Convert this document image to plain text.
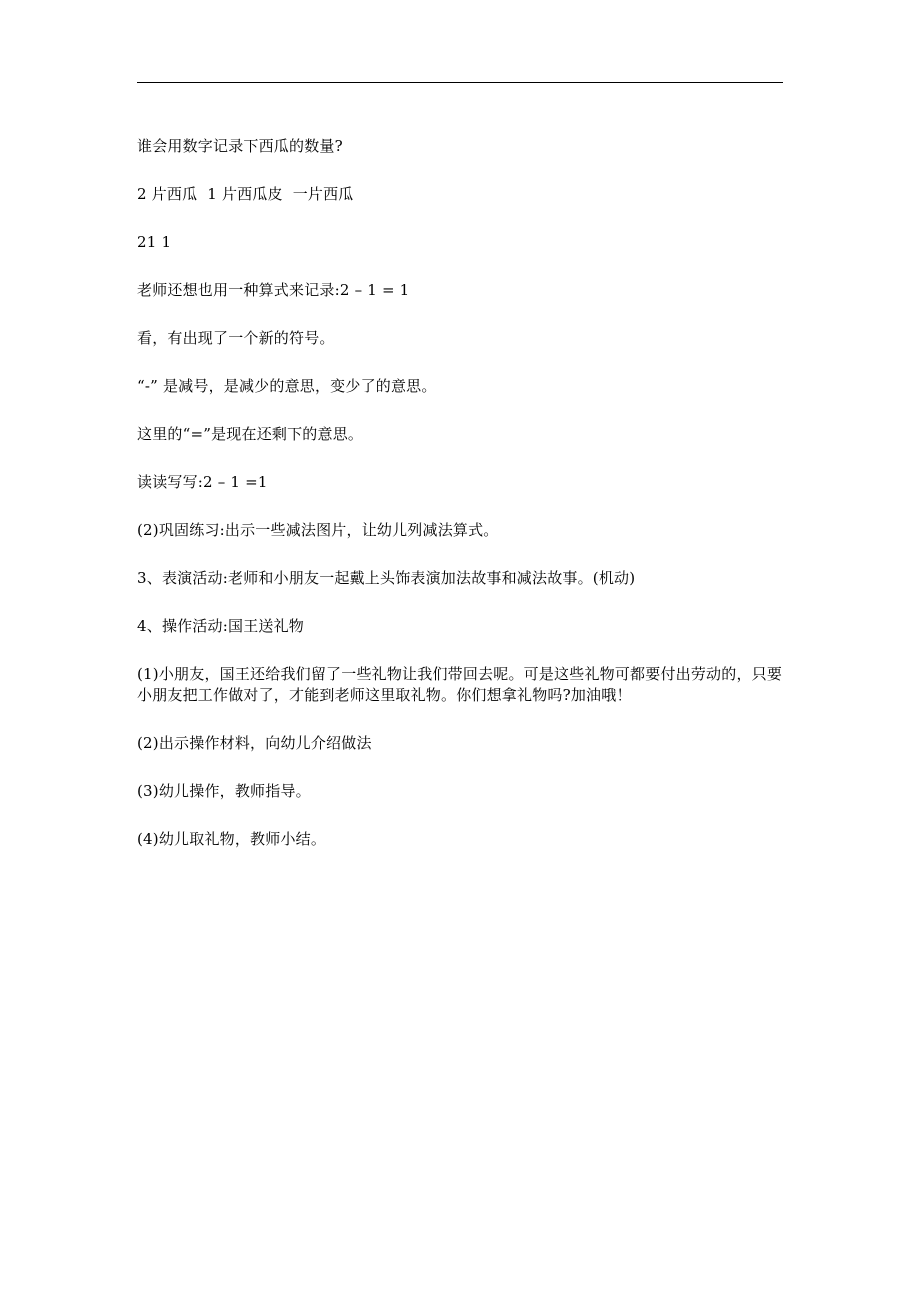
谁会用数字记录下西瓜的数量?

2 片西瓜  1 片西瓜皮  一片西瓜

21 1

老师还想也用一种算式来记录:2 – 1 = 1

看，有出现了一个新的符号。

“-” 是减号，是减少的意思，变少了的意思。

这里的“=”是现在还剩下的意思。

读读写写:2 – 1 =1

(2)巩固练习:出示一些减法图片，让幼儿列减法算式。

3、表演活动:老师和小朋友一起戴上头饰表演加法故事和减法故事。(机动)

4、操作活动:国王送礼物

(1)小朋友，国王还给我们留了一些礼物让我们带回去呢。可是这些礼物可都要付出劳动的，只要小朋友把工作做对了，才能到老师这里取礼物。你们想拿礼物吗?加油哦！

(2)出示操作材料，向幼儿介绍做法

(3)幼儿操作，教师指导。

(4)幼儿取礼物，教师小结。
